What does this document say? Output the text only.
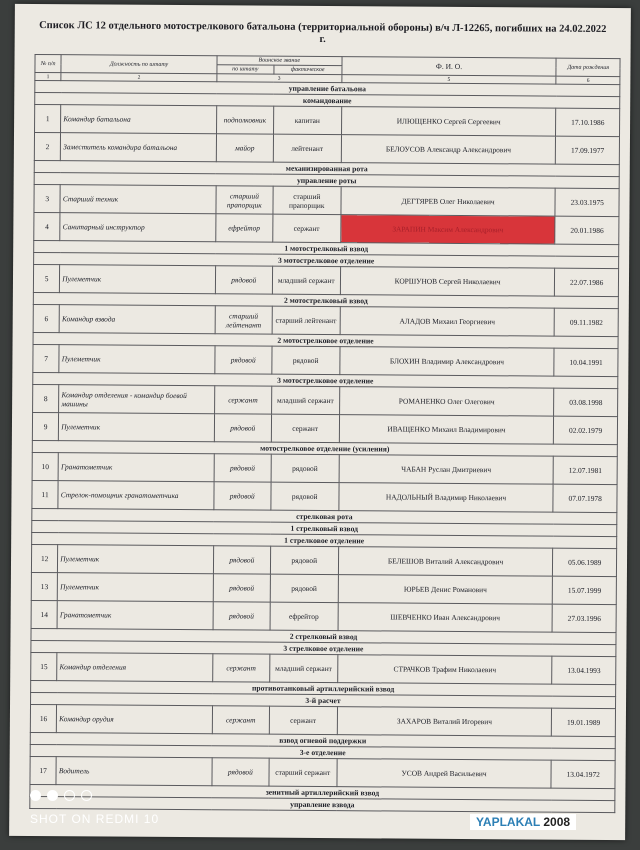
Список ЛС 12 отдельного мотострелкового батальона (территориальной обороны) в/ч Л-12265, погибших на 24.02.2022 г.
№ п/п	Должность по штату	Воинское звание		Ф. И. О.	Дата рождения
		по штату	фактическое		
1	2	3		5	6
управление батальона					
командование					
1	Командир батальона	подполковник	капитан	ИЛЮЩЕНКО Сергей Сергеевич	17.10.1986
2	Заместитель командира батальона	майор	лейтенант	БЕЛОУСОВ Александр Александрович	17.09.1977
механизированная рота					
управление роты					
3	Старший техник	старший прапорщик	старший прапорщик	ДЕГТЯРЕВ Олег Николаевич	23.03.1975
4	Санитарный инструктор	ефрейтор	сержант	ЗАРАПИН Максим Александрович	20.01.1986
1 мотострелковый взвод					
3 мотострелковое отделение					
5	Пулеметчик	рядовой	младший сержант	КОРШУНОВ Сергей Николаевич	22.07.1986
2 мотострелковый взвод					
6	Командир взвода	старший лейтенант	старший лейтенант	АЛАДОВ Михаил Георгиевич	09.11.1982
2 мотострелковое отделение					
7	Пулеметчик	рядовой	рядовой	БЛОХИН Владимир Александрович	10.04.1991
3 мотострелковое отделение					
8	Командир отделения - командир боевой машины	сержант	младший сержант	РОМАНЕНКО Олег Олегович	03.08.1998
9	Пулеметчик	рядовой	сержант	ИВАЩЕНКО Михаил Владимирович	02.02.1979
мотострелковое отделение (усиления)					
10	Гранатометчик	рядовой	рядовой	ЧАБАН Руслан Дмитриевич	12.07.1981
11	Стрелок-помощник гранатометчика	рядовой	рядовой	НАДОЛЬНЫЙ Владимир Николаевич	07.07.1978
стрелковая рота					
1 стрелковый взвод					
1 стрелковое отделение					
12	Пулеметчик	рядовой	рядовой	БЕЛЕШОВ Виталий Александрович	05.06.1989
13	Пулеметчик	рядовой	рядовой	ЮРЬЕВ Денис Романович	15.07.1999
14	Гранатометчик	рядовой	ефрейтор	ШЕВЧЕНКО Иван Александрович	27.03.1996
2 стрелковый взвод					
3 стрелковое отделение					
15	Командир отделения	сержант	младший сержант	СТРАЧКОВ Трафим Николаевич	13.04.1993
противотанковый артиллерийский взвод					
3-й расчет					
16	Командир орудия	сержант	сержант	ЗАХАРОВ Виталий Игоревич	19.01.1989
взвод огневой поддержки					
3-е отделение					
17	Водитель	рядовой	старший сержант	УСОВ Андрей Васильевич	13.04.1972
зенитный артиллерийский взвод					
управление взвода					
SHOT ON REDMI 10	YAPLAKAL 2008
